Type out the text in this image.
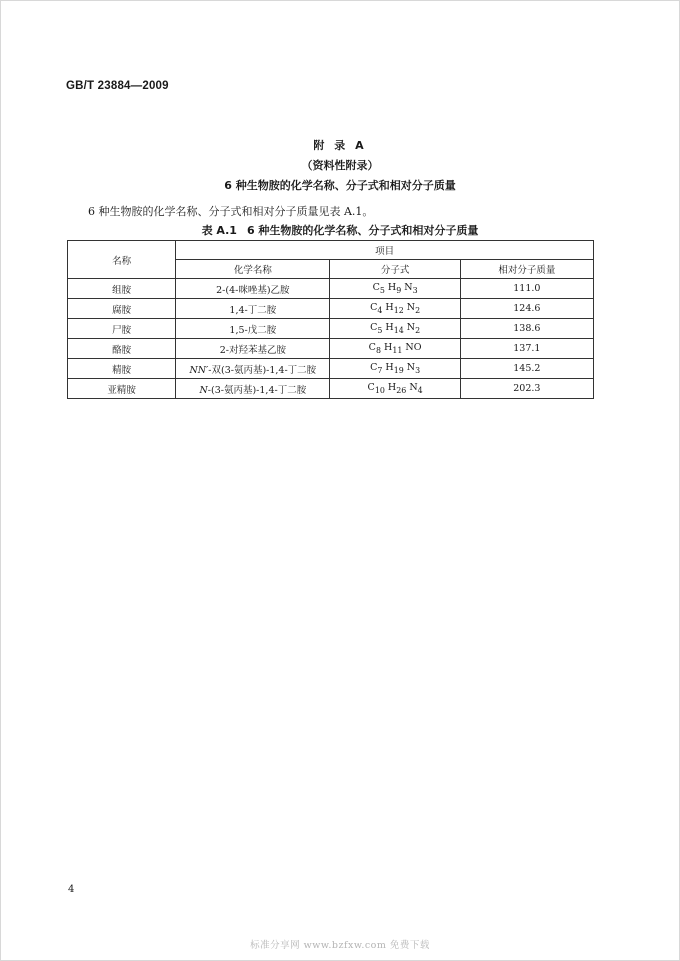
GB/T 23884—2009
附 录 A
（资料性附录）
6 种生物胺的化学名称、分子式和相对分子质量
6 种生物胺的化学名称、分子式和相对分子质量见表 A.1。
表 A.1 6 种生物胺的化学名称、分子式和相对分子质量
名称	项目		
	化学名称	分子式	相对分子质量
组胺	2-(4-咪唑基)乙胺	$C_5$ $H_9$ $N_3$	111.0
腐胺	1,4-丁二胺	$C_4$ $H_{12}$ $N_2$	124.6
尸胺	1,5-戊二胺	$C_5$ $H_{14}$ $N_2$	138.6
酪胺	2-对羟苯基乙胺	$C_8$ $H_{11}$ NO	137.1
精胺	NN′-双(3-氨丙基)-1,4-丁二胺	$C_7$ $H_{19}$ $N_3$	145.2
亚精胺	N-(3-氨丙基)-1,4-丁二胺	$C_{10}$ $H_{26}$ $N_4$	202.3
4
标准分享网 www.bzfxw.com 免费下载
